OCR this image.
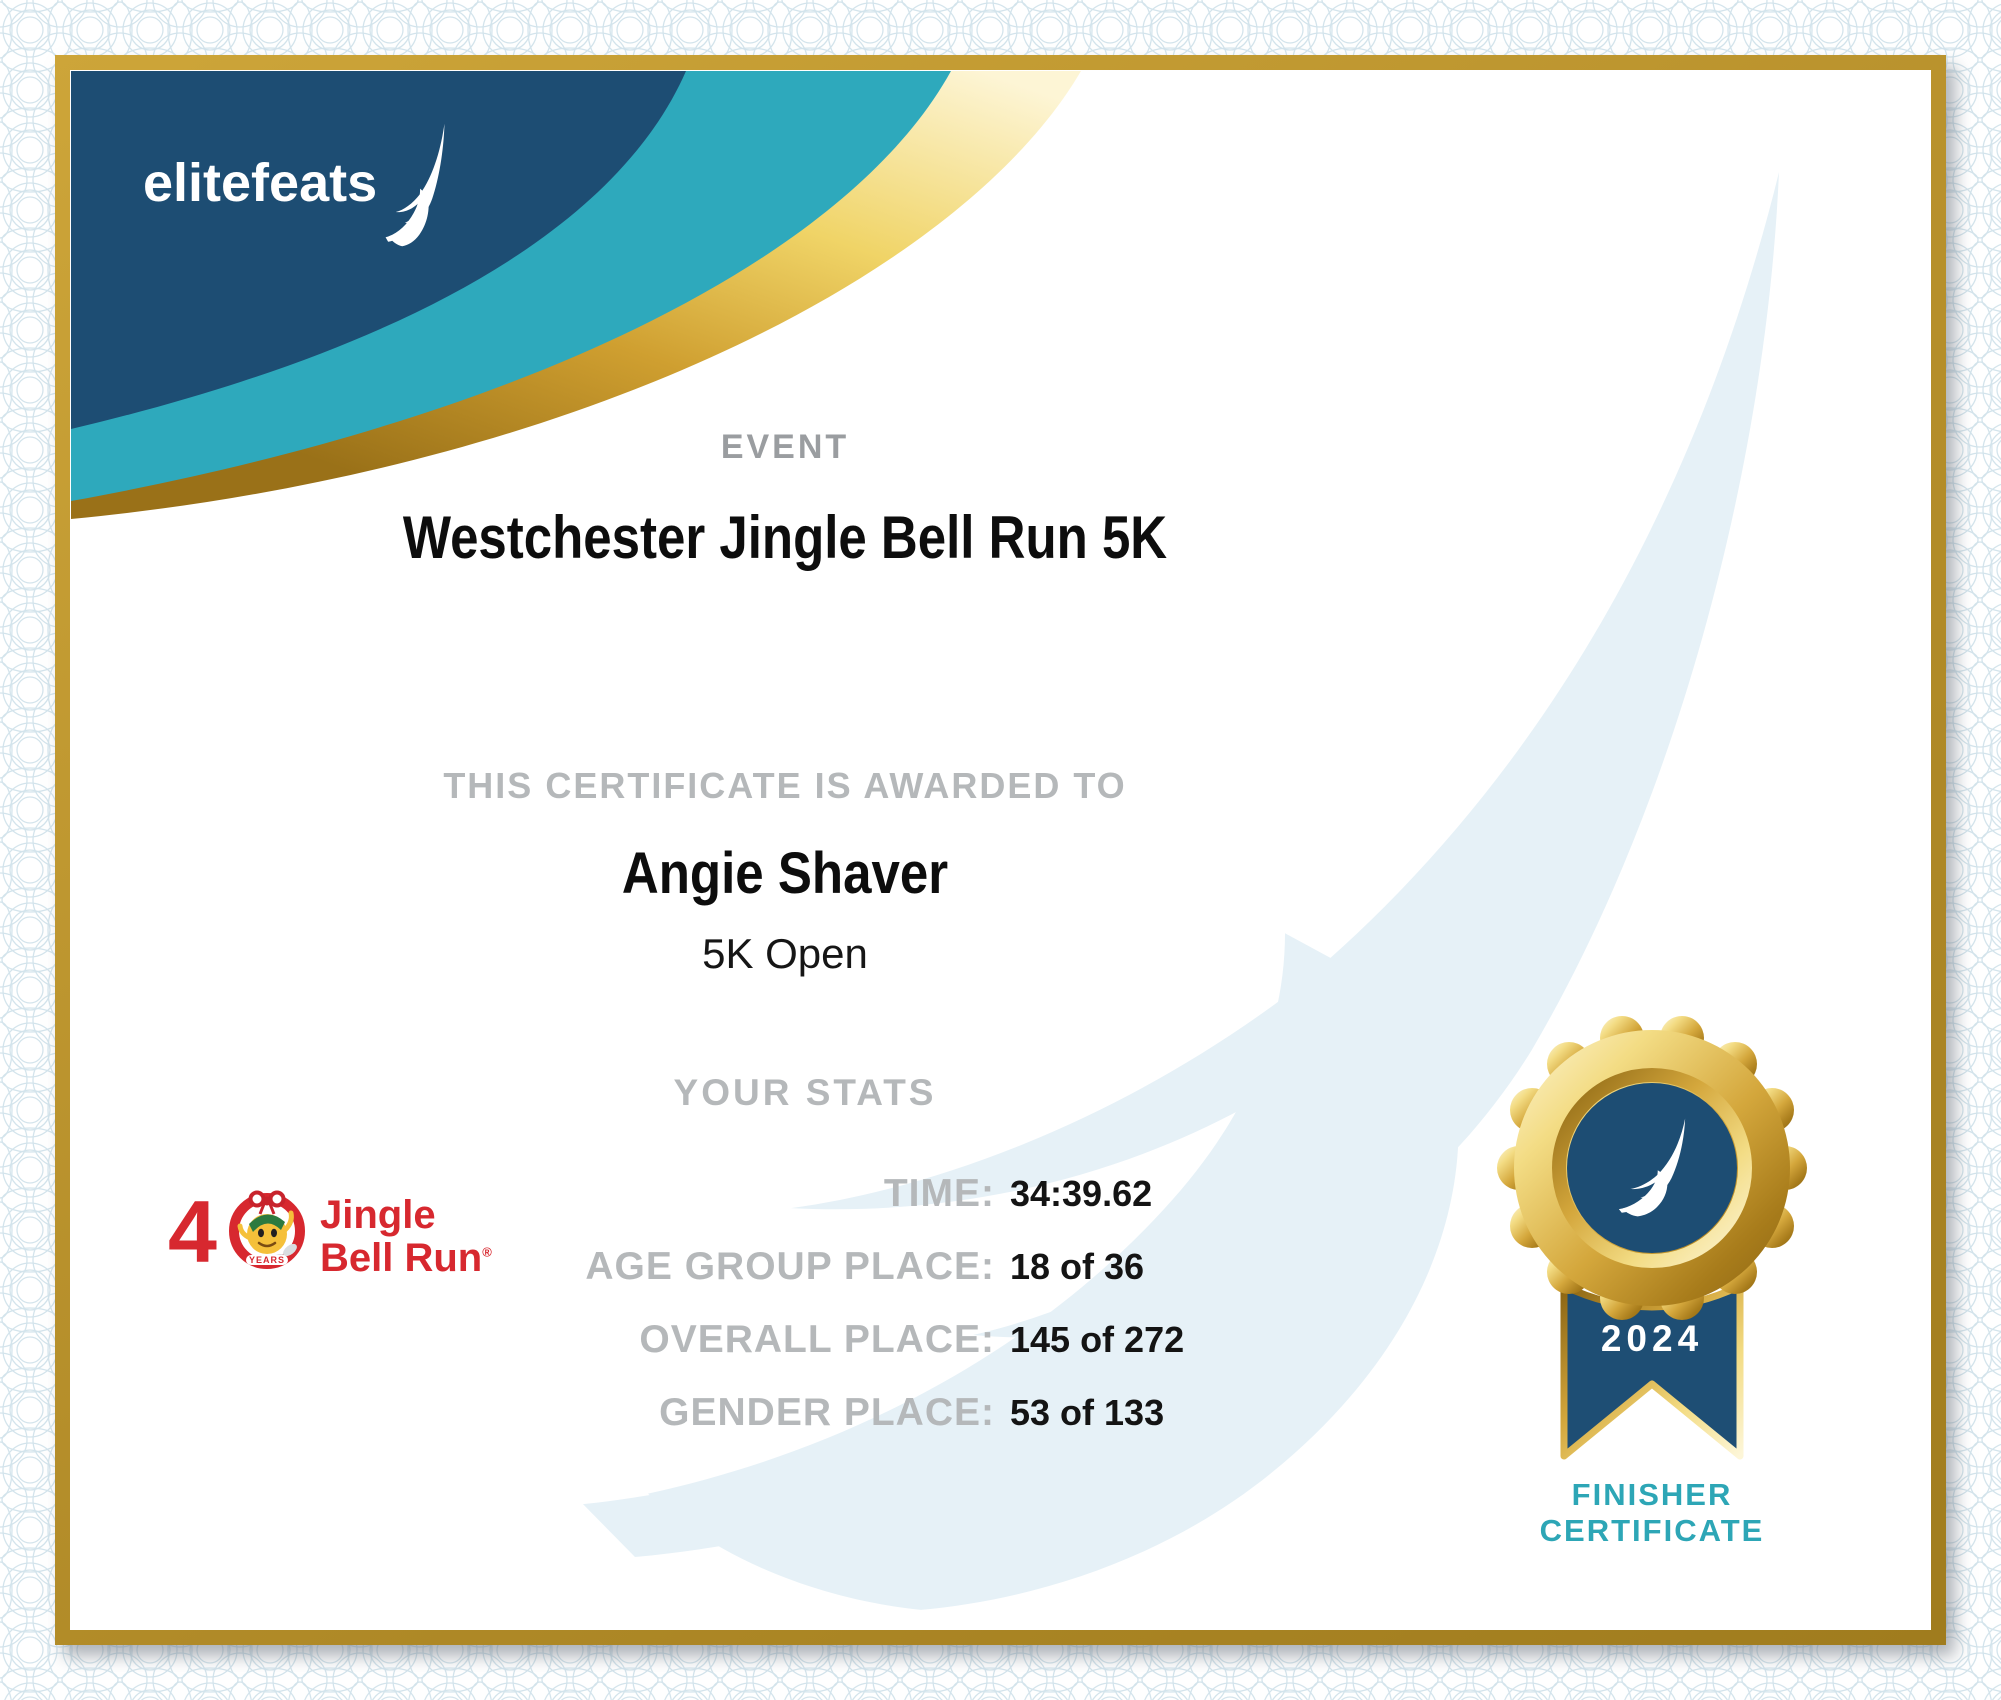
elitefeats
EVENT
Westchester Jingle Bell Run 5K
THIS CERTIFICATE IS AWARDED TO
Angie Shaver
5K Open
YOUR STATS
TIME: 34:39.62
AGE GROUP PLACE: 18 of 36
OVERALL PLACE: 145 of 272
GENDER PLACE: 53 of 133
4	YEARS
Jingle
Bell Run®
2024
FINISHER
CERTIFICATE
